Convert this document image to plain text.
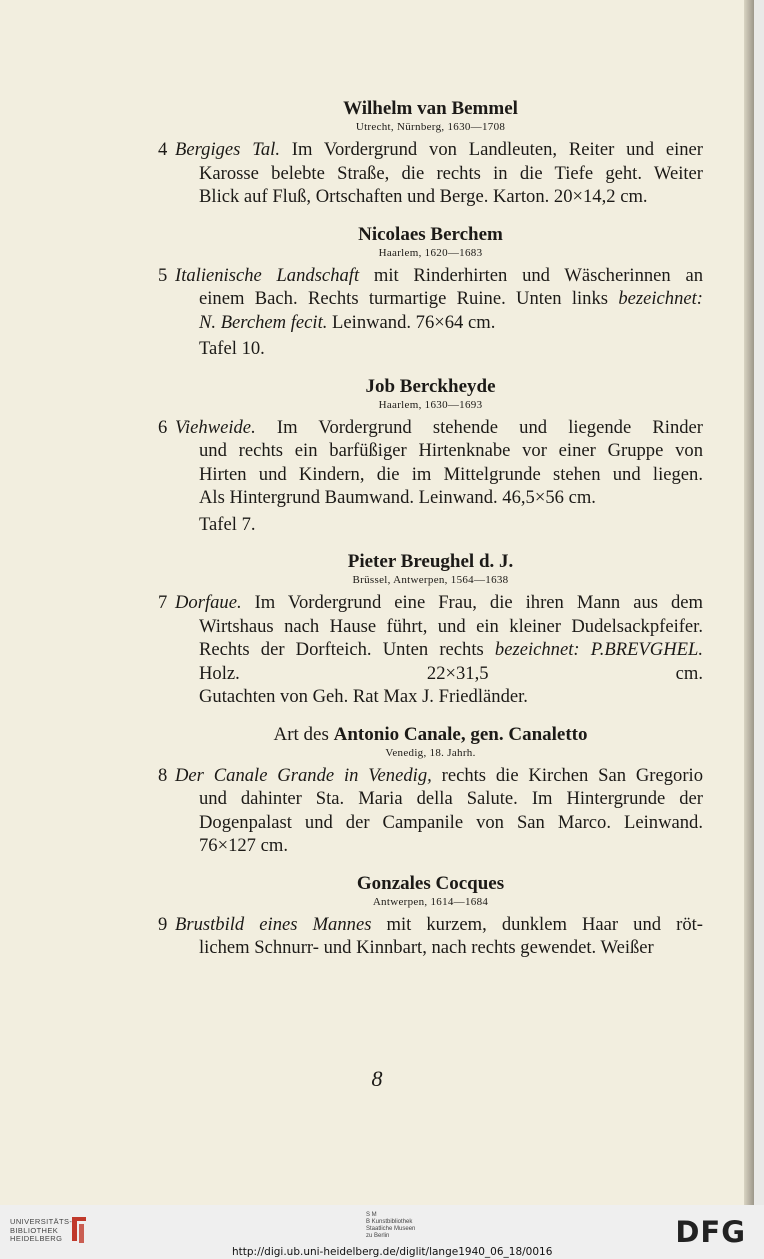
Wilhelm van Bemmel
Utrecht, Nürnberg, 1630—1708
4 Bergiges Tal. Im Vordergrund von Landleuten, Reiter und einer
Karosse belebte Straße, die rechts in die Tiefe geht. Weiter
Blick auf Fluß, Ortschaften und Berge. Karton. 20×14,2 cm.
Nicolaes Berchem
Haarlem, 1620—1683
5 Italienische Landschaft mit Rinderhirten und Wäscherinnen an
einem Bach. Rechts turmartige Ruine. Unten links bezeichnet:
N. Berchem fecit. Leinwand. 76×64 cm.
Tafel 10.
Job Berckheyde
Haarlem, 1630—1693
6 Viehweide. Im Vordergrund stehende und liegende Rinder
und rechts ein barfüßiger Hirtenknabe vor einer Gruppe von
Hirten und Kindern, die im Mittelgrunde stehen und liegen.
Als Hintergrund Baumwand. Leinwand. 46,5×56 cm.
Tafel 7.
Pieter Breughel d. J.
Brüssel, Antwerpen, 1564—1638
7 Dorfaue. Im Vordergrund eine Frau, die ihren Mann aus dem
Wirtshaus nach Hause führt, und ein kleiner Dudelsackpfeifer.
Rechts der Dorfteich. Unten rechts bezeichnet: P.BREVGHEL.
Holz. 22×31,5 cm.
Gutachten von Geh. Rat Max J. Friedländer.
Art des Antonio Canale, gen. Canaletto
Venedig, 18. Jahrh.
8 Der Canale Grande in Venedig, rechts die Kirchen San Gregorio
und dahinter Sta. Maria della Salute. Im Hintergrunde der
Dogenpalast und der Campanile von San Marco. Leinwand.
76×127 cm.
Gonzales Cocques
Antwerpen, 1614—1684
9 Brustbild eines Mannes mit kurzem, dunklem Haar und röt-
lichem Schnurr- und Kinnbart, nach rechts gewendet. Weißer
8
UNIVERSITÄTS-
BIBLIOTHEK
HEIDELBERG
S M
B Kunstbibliothek
Staatliche Museen
zu Berlin	DFG
http://digi.ub.uni-heidelberg.de/diglit/lange1940_06_18/0016
